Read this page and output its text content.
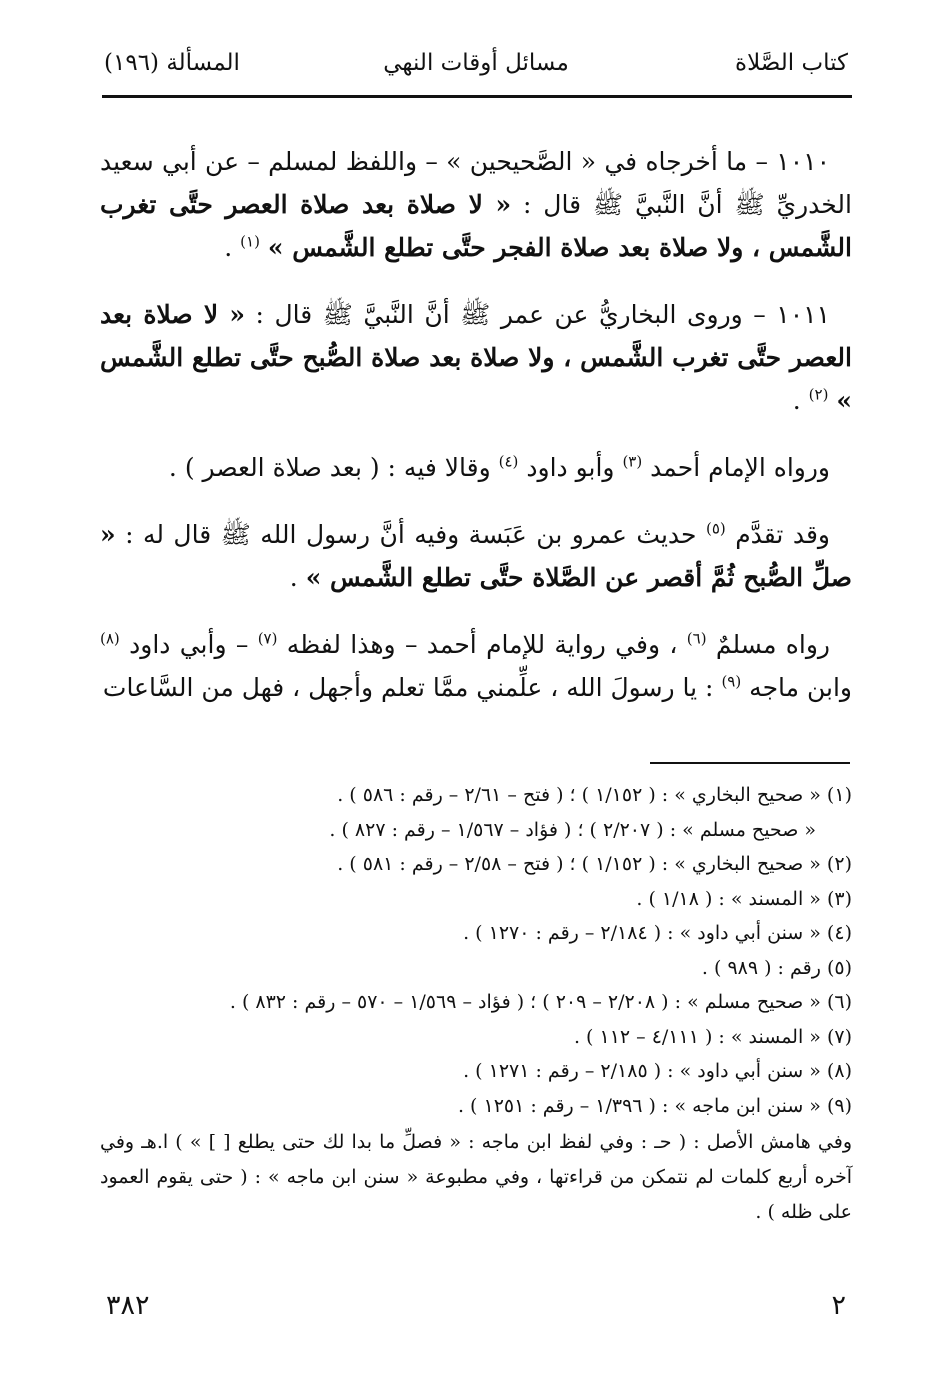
كتاب الصَّلاة
مسائل أوقات النهي
المسألة (١٩٦)

١٠١٠ – ما أخرجاه في « الصَّحيحين » – واللفظ لمسلم – عن أبي سعيد الخدريِّ ﷺ أنَّ النَّبيَّ ﷺ قال : « لا صلاة بعد صلاة العصر حتَّى تغرب الشَّمس ، ولا صلاة بعد صلاة الفجر حتَّى تطلع الشَّمس » $^{(١)}$ .

١٠١١ – وروى البخاريُّ عن عمر ﷺ أنَّ النَّبيَّ ﷺ قال : « لا صلاة بعد العصر حتَّى تغرب الشَّمس ، ولا صلاة بعد صلاة الصُّبح حتَّى تطلع الشَّمس » $^{(٢)}$ .

ورواه الإمام أحمد $^{(٣)}$ وأبو داود $^{(٤)}$ وقالا فيه : ( بعد صلاة العصر ) .

وقد تقدَّم $^{(٥)}$ حديث عمرو بن عَبَسة وفيه أنَّ رسول الله ﷺ قال له : « صلِّ الصُّبح ثُمَّ أقصر عن الصَّلاة حتَّى تطلع الشَّمس » .

رواه مسلمٌ $^{(٦)}$ ، وفي رواية للإمام أحمد – وهذا لفظه $^{(٧)}$ – وأبي داود $^{(٨)}$ وابن ماجه $^{(٩)}$ : يا رسولَ الله ، علِّمني ممَّا تعلم وأجهل ، فهل من السَّاعات

(١) « صحيح البخاري » : ( ١/١٥٢ ) ؛ ( فتح – ٢/٦١ – رقم : ٥٨٦ ) .

« صحيح مسلم » : ( ٢/٢٠٧ ) ؛ ( فؤاد – ١/٥٦٧ – رقم : ٨٢٧ ) .

(٢) « صحيح البخاري » : ( ١/١٥٢ ) ؛ ( فتح – ٢/٥٨ – رقم : ٥٨١ ) .

(٣) « المسند » : ( ١/١٨ ) .

(٤) « سنن أبي داود » : ( ٢/١٨٤ – رقم : ١٢٧٠ ) .

(٥) رقم : ( ٩٨٩ ) .

(٦) « صحيح مسلم » : ( ٢/٢٠٨ – ٢٠٩ ) ؛ ( فؤاد – ١/٥٦٩ – ٥٧٠ – رقم : ٨٣٢ ) .

(٧) « المسند » : ( ٤/١١١ – ١١٢ ) .

(٨) « سنن أبي داود » : ( ٢/١٨٥ – رقم : ١٢٧١ ) .

(٩) « سنن ابن ماجه » : ( ١/٣٩٦ – رقم : ١٢٥١ ) .

وفي هامش الأصل : ( حـ : وفي لفظ ابن ماجه : « فصلِّ ما بدا لك حتى يطلع [ ] » ) ا.هـ وفي آخره أربع كلمات لم نتمكن من قراءتها ، وفي مطبوعة « سنن ابن ماجه » : ( حتى يقوم العمود على ظله ) .

٢
٣٨٢
